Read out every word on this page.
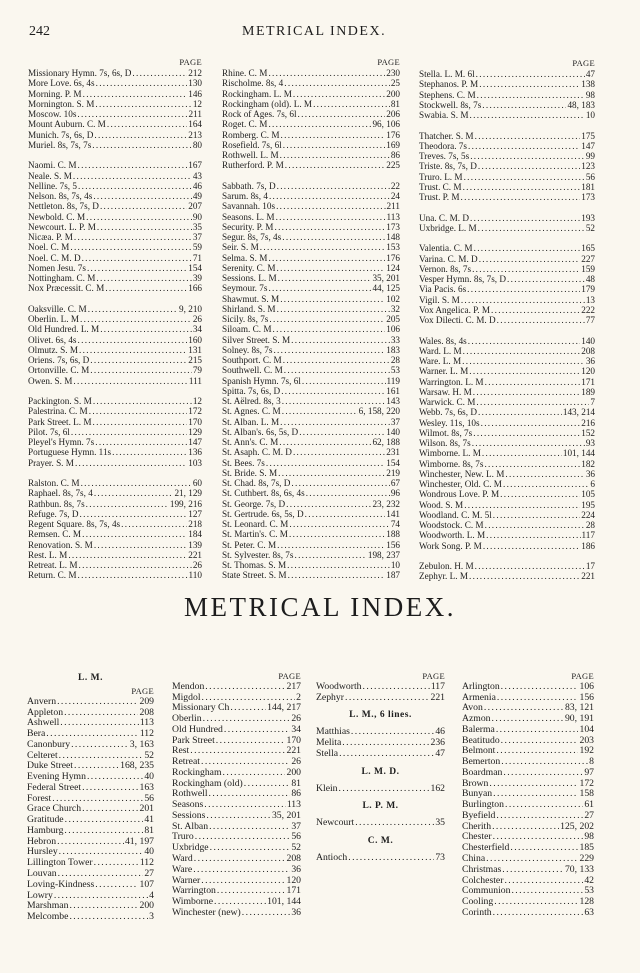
242	METRICAL INDEX.
PAGE
Missionary Hymn. 7s, 6s, D . . .	212
More Love. 6s, 4s . . .	130
Morning. P. M . . .	146
Mornington. S. M . . .	12
Moscow. 10s . . .	211
Mount Auburn. C. M . . .	164
Munich. 7s, 6s, D . . .	213
Muriel. 8s, 7s, 7s . . .	80
Naomi. C. M . . .	167
Neale. S. M . . .	43
Nelline. 7s, 5 . . .	46
Nelson. 8s, 7s, 4s . . .	49
Nettleton. 8s, 7s, D . . .	207
Newbold. C. M . . .	90
Newcourt. L. P. M . . .	35
Nicæa. P. M . . .	37
Noel. C. M . . .	59
Noel. C. M. D . . .	71
Nomen Jesu. 7s . . .	154
Nottingham. C. M . . .	39
Nox Præcessit. C. M . . .	166
Oaksville. C. M . . .	9, 210
Oberlin. L. M . . .	26
Old Hundred. L. M . . .	34
Olivet. 6s, 4s . . .	160
Olmutz. S. M . . .	131
Oriens. 7s, 6s, D . . .	215
Ortonville. C. M . . .	79
Owen. S. M . . .	111
Packington. S. M . . .	12
Palestrina. C. M . . .	172
Park Street. L. M . . .	170
Pilot. 7s, 6l . . .	129
Pleyel's Hymn. 7s . . .	147
Portuguese Hymn. 11s . . .	136
Prayer. S. M . . .	103
Ralston. C. M . . .	60
Raphael. 8s, 7s, 4 . . .	21, 129
Rathbun. 8s, 7s . . .	199, 216
Refuge. 7s, D . . .	127
Regent Square. 8s, 7s, 4s . . .	218
Remsen. C. M . . .	184
Renovation. S. M . . .	139
Rest. L. M . . .	221
Retreat. L. M . . .	26
Return. C. M . . .	110
PAGE
Rhine. C. M . . .	230
Rischolme. 8s, 4 . . .	25
Rockingham. L. M . . .	200
Rockingham (old). L. M . . .	81
Rock of Ages. 7s, 6l . . .	206
Roget. C. M . . .	96, 106
Romberg. C. M . . .	176
Rosefield. 7s, 6l . . .	169
Rothwell. L. M . . .	86
Rutherford. P. M . . .	225
Sabbath. 7s, D . . .	22
Sarum. 8s, 4 . . .	24
Savannah. 10s . . .	211
Seasons. L. M . . .	113
Security. P. M . . .	173
Segur. 8s, 7s, 4s . . .	148
Seir. S. M . . .	153
Selma. S. M . . .	176
Serenity. C. M . . .	124
Sessions. L. M . . .	35, 201
Seymour. 7s . . .	44, 125
Shawmut. S. M . . .	102
Shirland. S. M . . .	32
Sicily. 8s, 7s . . .	205
Siloam. C. M . . .	106
Silver Street. S. M . . .	33
Solney. 8s, 7s . . .	183
Southport. C. M . . .	28
Southwell. C. M . . .	53
Spanish Hymn. 7s, 6l . . .	119
Spitta. 7s, 6s, D . . .	161
St. Aëlred. 8s, 3 . . .	143
St. Agnes. C. M . . .	6, 158, 220
St. Alban. L. M . . .	37
St. Alban's. 6s, 5s, D . . .	140
St. Ann's. C. M . . .	62, 188
St. Asaph. C. M. D . . .	231
St. Bees. 7s . . .	154
St. Bride. S. M . . .	219
St. Chad. 8s, 7s, D . . .	67
St. Cuthbert. 8s, 6s, 4s . . .	96
St. George. 7s, D . . .	23, 232
St. Gertrude. 6s, 5s, D . . .	141
St. Leonard. C. M . . .	74
St. Martin's. C. M . . .	188
St. Peter. C. M . . .	156
St. Sylvester. 8s, 7s . . .	198, 237
St. Thomas. S. M . . .	10
State Street. S. M . . .	187
PAGE
Stella. L. M. 6l . . .	47
Stephanos. P. M . . .	138
Stephens. C. M . . .	98
Stockwell. 8s, 7s . . .	48, 183
Swabia. S. M . . .	10
Thatcher. S. M . . .	175
Theodora. 7s . . .	147
Treves. 7s, 5s . . .	99
Triste. 8s, 7s, D . . .	123
Truro. L. M . . .	56
Trust. C. M . . .	181
Trust. P. M . . .	173
Una. C. M. D . . .	193
Uxbridge. L. M . . .	52
Valentia. C. M . . .	165
Varina. C. M. D . . .	227
Vernon. 8s, 7s . . .	159
Vesper Hymn. 8s, 7s, D . . .	48
Via Pacis. 6s . . .	179
Vigil. S. M . . .	13
Vox Angelica. P. M . . .	222
Vox Dilecti. C. M. D . . .	77
Wales. 8s, 4s . . .	140
Ward. L. M . . .	208
Ware. L. M . . .	36
Warner. L. M . . .	120
Warrington. L. M . . .	171
Warsaw. H. M . . .	189
Warwick. C. M . . .	7
Webb. 7s, 6s, D . . .	143, 214
Wesley. 11s, 10s . . .	216
Wilmot. 8s, 7s . . .	152
Wilson. 8s, 7s . . .	93
Wimborne. L. M . . .	101, 144
Wimborne. 8s, 7s . . .	182
Winchester, New. L. M . . .	36
Winchester, Old. C. M . . .	6
Wondrous Love. P. M . . .	105
Wood. S. M . . .	195
Woodland. C. M. 5l . . .	224
Woodstock. C. M . . .	28
Woodworth. L. M . . .	117
Work Song. P. M . . .	186
Zebulon. H. M . . .	17
Zephyr. L. M . . .	221
METRICAL INDEX.
L. M.
PAGE
Anvern . . .	209
Appleton . . .	208
Ashwell . . .	113
Bera . . .	112
Canonbury . . .	3, 163
Celteret . . .	52
Duke Street . . .	168, 235
Evening Hymn . . .	40
Federal Street . . .	163
Forest . . .	56
Grace Church . . .	201
Gratitude . . .	41
Hamburg . . .	81
Hebron . . .	41, 197
Hursley . . .	40
Lillington Tower . . .	112
Louvan . . .	27
Loving-Kindness . . .	107
Lowry . . .	4
Marshman . . .	200
Melcombe . . .	3
PAGE
Mendon . . .	217
Migdol . . .	2
Missionary Ch . . .	144, 217
Oberlin . . .	26
Old Hundred . . .	34
Park Street . . .	170
Rest . . .	221
Retreat . . .	26
Rockingham . . .	200
Rockingham (old) . . .	81
Rothwell . . .	86
Seasons . . .	113
Sessions . . .	35, 201
St. Alban . . .	37
Truro . . .	56
Uxbridge . . .	52
Ward . . .	208
Ware . . .	36
Warner . . .	120
Warrington . . .	171
Wimborne . . .	101, 144
Winchester (new) . . .	36
PAGE
Woodworth . . .	117
Zephyr . . .	221
L. M., 6 lines.
Matthias . . .	46
Melita . . .	236
Stella . . .	47
L. M. D.
Klein . . .	162
L. P. M.
Newcourt . . .	35
C. M.
Antioch . . .	73
PAGE
Arlington . . .	106
Armenia . . .	156
Avon . . .	83, 121
Azmon . . .	90, 191
Balerma . . .	104
Beatitudo . . .	203
Belmont . . .	192
Bemerton . . .	8
Boardman . . .	97
Brown . . .	172
Bunyan . . .	158
Burlington . . .	61
Byefield . . .	27
Cherith . . .	125, 202
Chester . . .	98
Chesterfield . . .	185
China . . .	229
Christmas . . .	70, 133
Colchester . . .	42
Communion . . .	53
Cooling . . .	128
Corinth . . .	63
